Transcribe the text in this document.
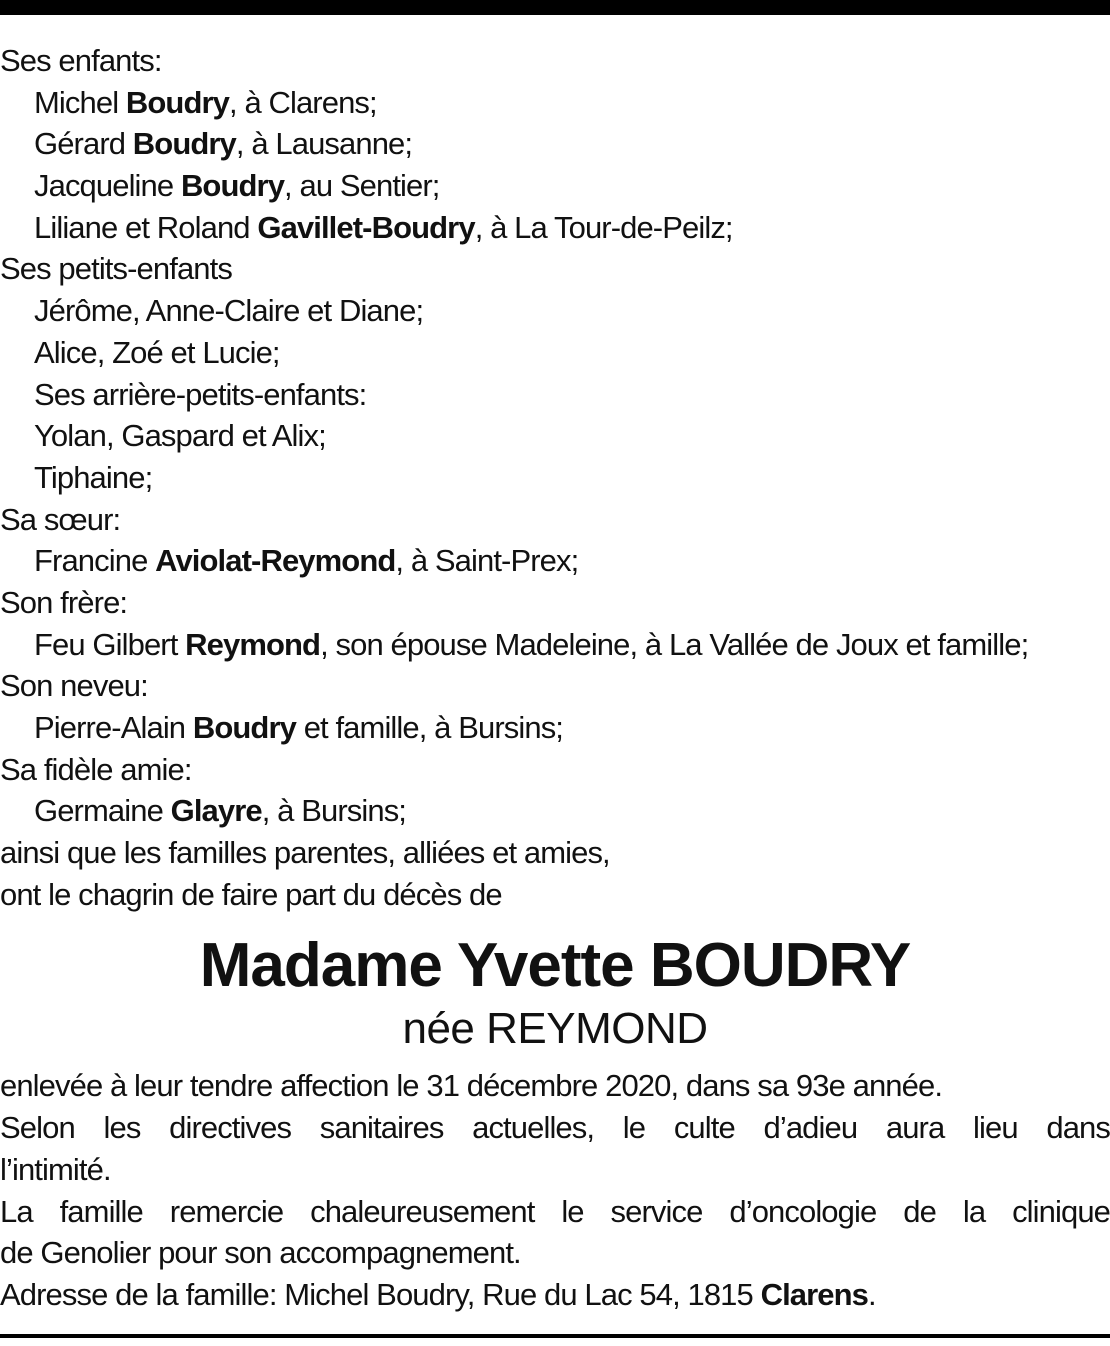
Ses enfants:
Michel Boudry, à Clarens;
Gérard Boudry, à Lausanne;
Jacqueline Boudry, au Sentier;
Liliane et Roland Gavillet-Boudry, à La Tour-de-Peilz;
Ses petits-enfants
Jérôme, Anne-Claire et Diane;
Alice, Zoé et Lucie;
Ses arrière-petits-enfants:
Yolan, Gaspard et Alix;
Tiphaine;
Sa sœur:
Francine Aviolat-Reymond, à Saint-Prex;
Son frère:
Feu Gilbert Reymond, son épouse Madeleine, à La Vallée de Joux et famille;
Son neveu:
Pierre-Alain Boudry et famille, à Bursins;
Sa fidèle amie:
Germaine Glayre, à Bursins;
ainsi que les familles parentes, alliées et amies,
ont le chagrin de faire part du décès de
Madame Yvette BOUDRY
née REYMOND
enlevée à leur tendre affection le 31 décembre 2020, dans sa 93e année.
Selon les directives sanitaires actuelles, le culte d’adieu aura lieu dans
l’intimité.
La famille remercie chaleureusement le service d’oncologie de la clinique
de Genolier pour son accompagnement.
Adresse de la famille: Michel Boudry, Rue du Lac 54, 1815 Clarens.
